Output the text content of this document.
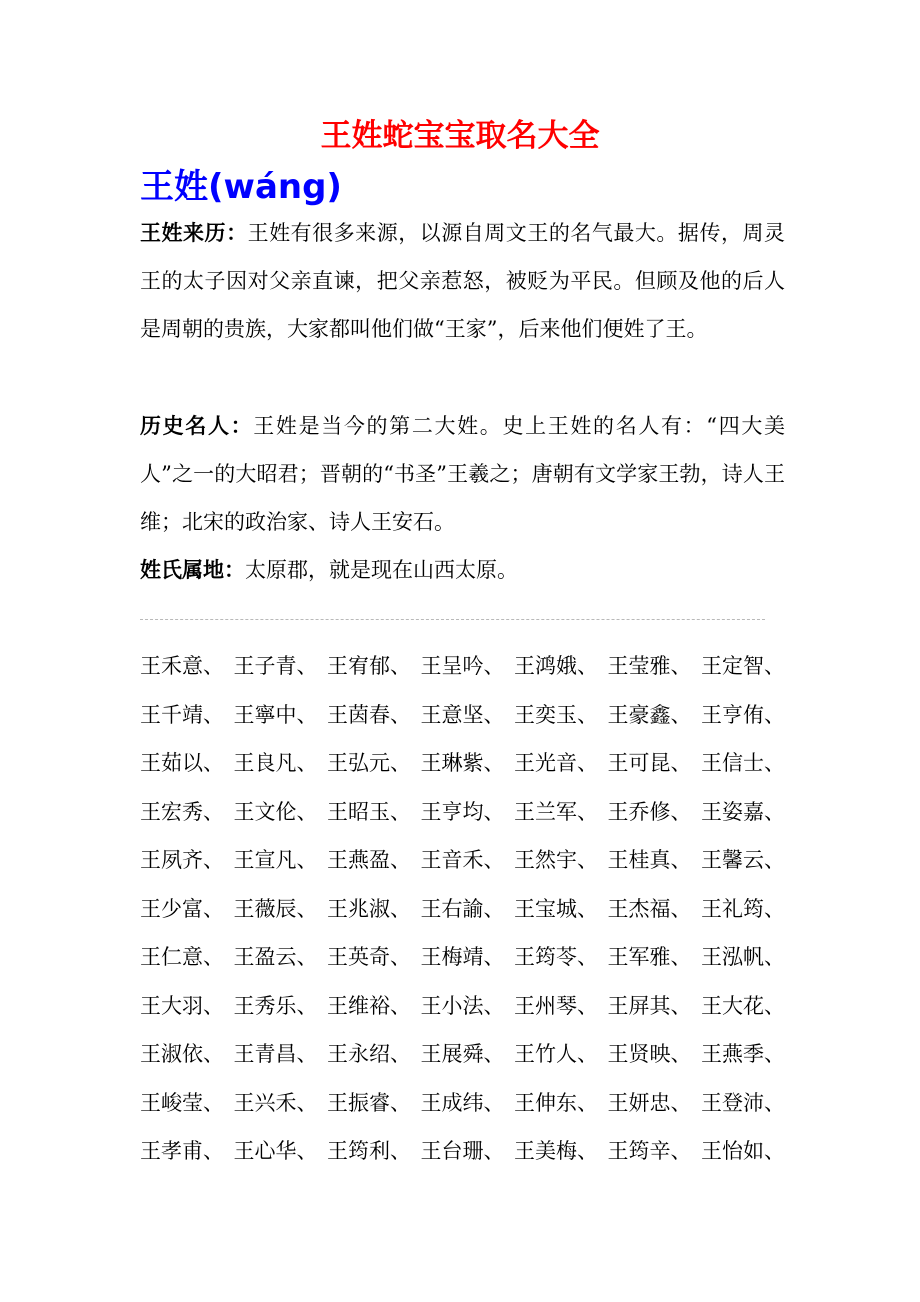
王姓蛇宝宝取名大全
王姓(wáng)
王姓来历：王姓有很多来源，以源自周文王的名气最大。据传，周灵王的太子因对父亲直谏，把父亲惹怒，被贬为平民。但顾及他的后人是周朝的贵族，大家都叫他们做“王家”，后来他们便姓了王。
历史名人：王姓是当今的第二大姓。史上王姓的名人有：“四大美人”之一的大昭君；晋朝的“书圣”王羲之；唐朝有文学家王勃，诗人王维；北宋的政治家、诗人王安石。
姓氏属地：太原郡，就是现在山西太原。
王禾意、 王子青、 王宥郁、 王呈吟、 王鸿娥、 王莹雅、 王定智、
王千靖、 王寧中、 王茵春、 王意坚、 王奕玉、 王豪鑫、 王亨侑、
王茹以、 王良凡、 王弘元、 王琳紫、 王光音、 王可昆、 王信士、
王宏秀、 王文伦、 王昭玉、 王亨均、 王兰军、 王乔修、 王姿嘉、
王夙齐、 王宣凡、 王燕盈、 王音禾、 王然宇、 王桂真、 王馨云、
王少富、 王薇辰、 王兆淑、 王右諭、 王宝城、 王杰福、 王礼筠、
王仁意、 王盈云、 王英奇、 王梅靖、 王筠苓、 王军雅、 王泓帆、
王大羽、 王秀乐、 王维裕、 王小法、 王州琴、 王屏其、 王大花、
王淑依、 王青昌、 王永绍、 王展舜、 王竹人、 王贤映、 王燕季、
王峻莹、 王兴禾、 王振睿、 王成纬、 王伸东、 王妍忠、 王登沛、
王孝甫、 王心华、 王筠利、 王台珊、 王美梅、 王筠辛、 王怡如、
